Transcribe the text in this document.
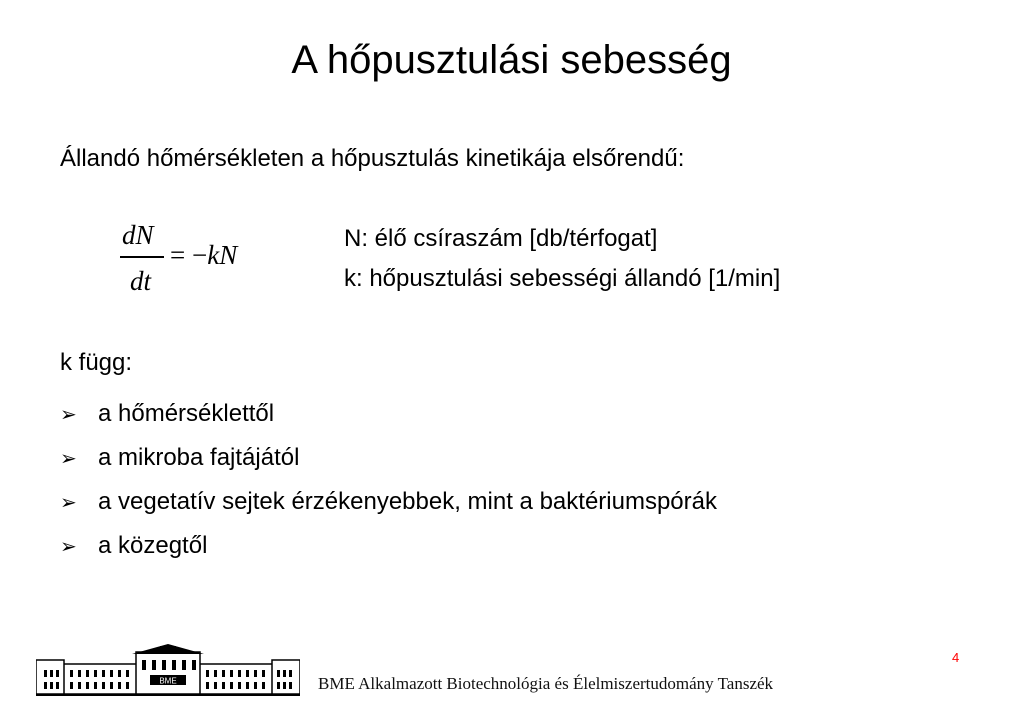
A hőpusztulási sebesség
Állandó hőmérsékleten a hőpusztulás kinetikája elsőrendű:
dN
dt
= −kN
N: élő csíraszám [db/térfogat]
k: hőpusztulási sebességi állandó [1/min]
k függ:
➢ a hőmérséklettől
➢ a mikroba fajtájától
➢ a vegetatív sejtek érzékenyebbek, mint a baktériumspórák
➢ a közegtől
4
BME	BME Alkalmazott Biotechnológia és Élelmiszertudomány Tanszék
